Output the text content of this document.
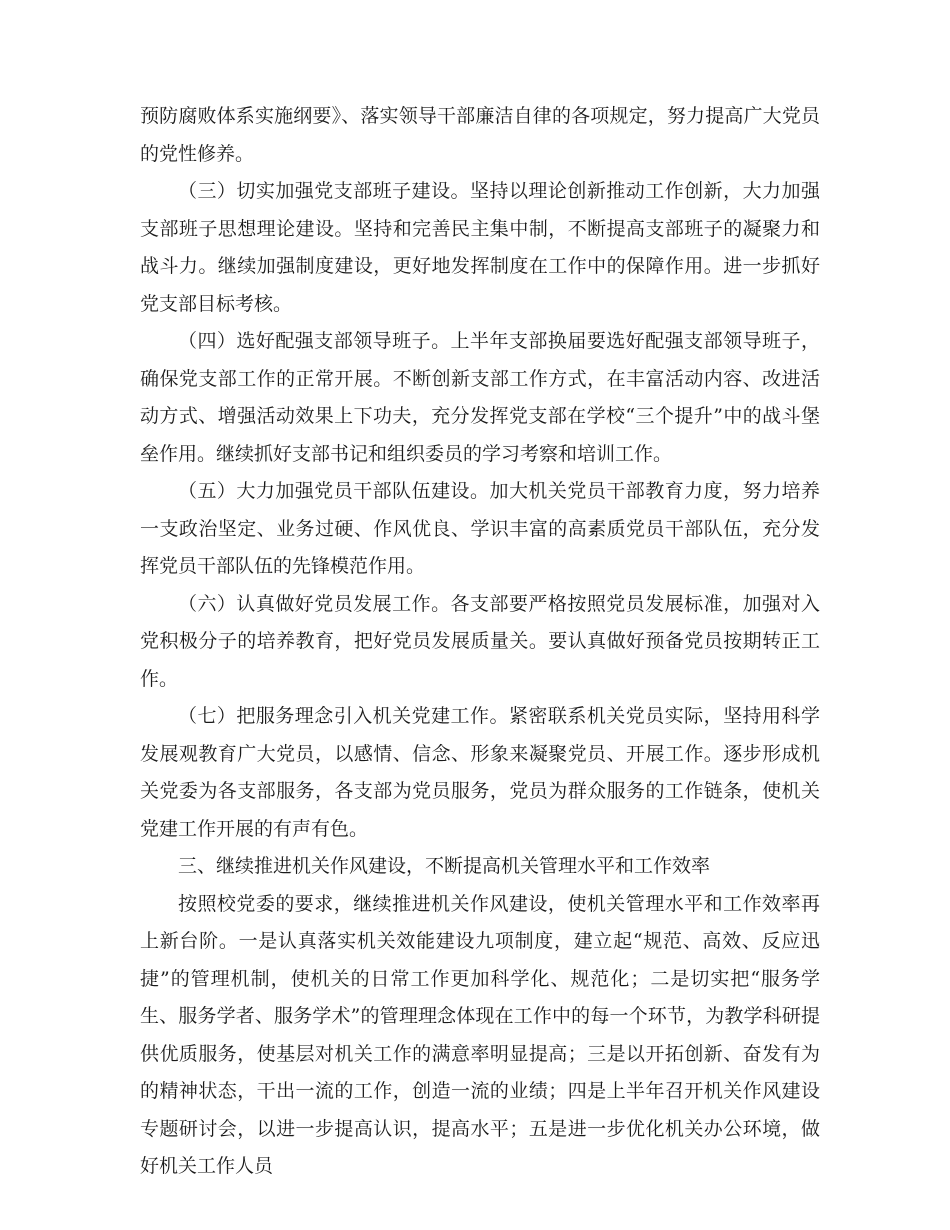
预防腐败体系实施纲要》、落实领导干部廉洁自律的各项规定，努力提高广大党员的党性修养。

（三）切实加强党支部班子建设。坚持以理论创新推动工作创新，大力加强支部班子思想理论建设。坚持和完善民主集中制，不断提高支部班子的凝聚力和战斗力。继续加强制度建设，更好地发挥制度在工作中的保障作用。进一步抓好党支部目标考核。

（四）选好配强支部领导班子。上半年支部换届要选好配强支部领导班子，确保党支部工作的正常开展。不断创新支部工作方式，在丰富活动内容、改进活动方式、增强活动效果上下功夫，充分发挥党支部在学校“三个提升”中的战斗堡垒作用。继续抓好支部书记和组织委员的学习考察和培训工作。

（五）大力加强党员干部队伍建设。加大机关党员干部教育力度，努力培养一支政治坚定、业务过硬、作风优良、学识丰富的高素质党员干部队伍，充分发挥党员干部队伍的先锋模范作用。

（六）认真做好党员发展工作。各支部要严格按照党员发展标准，加强对入党积极分子的培养教育，把好党员发展质量关。要认真做好预备党员按期转正工作。

（七）把服务理念引入机关党建工作。紧密联系机关党员实际，坚持用科学发展观教育广大党员，以感情、信念、形象来凝聚党员、开展工作。逐步形成机关党委为各支部服务，各支部为党员服务，党员为群众服务的工作链条，使机关党建工作开展的有声有色。

三、继续推进机关作风建设，不断提高机关管理水平和工作效率

按照校党委的要求，继续推进机关作风建设，使机关管理水平和工作效率再上新台阶。一是认真落实机关效能建设九项制度，建立起“规范、高效、反应迅捷”的管理机制，使机关的日常工作更加科学化、规范化；二是切实把“服务学生、服务学者、服务学术”的管理理念体现在工作中的每一个环节，为教学科研提供优质服务，使基层对机关工作的满意率明显提高；三是以开拓创新、奋发有为的精神状态，干出一流的工作，创造一流的业绩；四是上半年召开机关作风建设专题研讨会，以进一步提高认识，提高水平；五是进一步优化机关办公环境，做好机关工作人员
